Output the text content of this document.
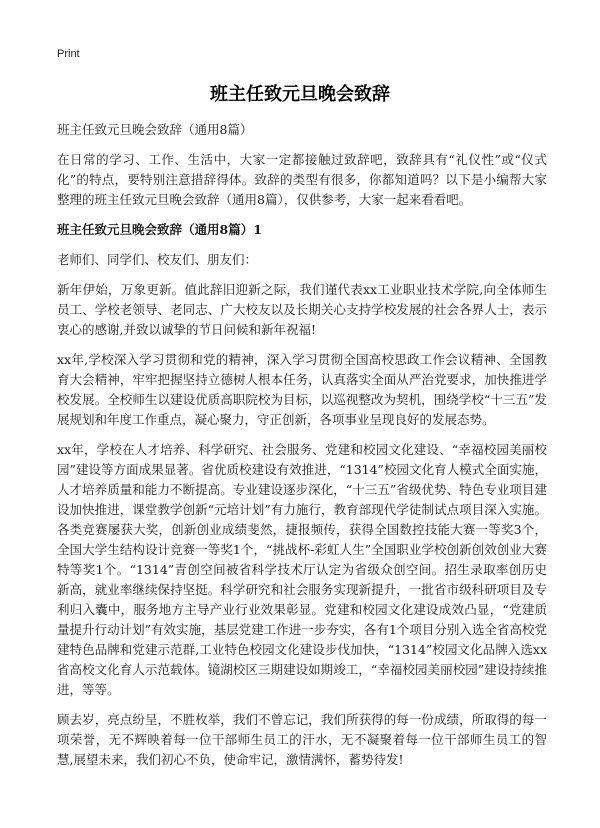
Print
班主任致元旦晚会致辞

班主任致元旦晚会致辞（通用8篇）

在日常的学习、工作、生活中，大家一定都接触过致辞吧，致辞具有“礼仪性”或“仪式化”的特点，要特别注意措辞得体。致辞的类型有很多，你都知道吗？以下是小编帮大家整理的班主任致元旦晚会致辞（通用8篇），仅供参考，大家一起来看看吧。

班主任致元旦晚会致辞（通用8篇）1

老师们、同学们、校友们、朋友们：

新年伊始，万象更新。值此辞旧迎新之际，我们谨代表xx工业职业技术学院,向全体师生员工、学校老领导、老同志、广大校友以及长期关心支持学校发展的社会各界人士，表示衷心的感谢,并致以诚挚的节日问候和新年祝福!

xx年,学校深入学习贯彻和党的精神，深入学习贯彻全国高校思政工作会议精神、全国教育大会精神，牢牢把握坚持立德树人根本任务，认真落实全面从严治党要求，加快推进学校发展。全校师生以建设优质高职院校为目标，以巡视整改为契机，围绕学校“十三五”发展规划和年度工作重点，凝心聚力，守正创新，各项事业呈现良好的发展态势。

xx年，学校在人才培养、科学研究、社会服务、党建和校园文化建设、“幸福校园美丽校园”建设等方面成果显著。省优质校建设有效推进，“1314”校园文化育人模式全面实施，人才培养质量和能力不断提高。专业建设逐步深化，“十三五”省级优势、特色专业项目建设加快推进，课堂教学创新“元培计划”有力施行，教育部现代学徒制试点项目深入实施。各类竞赛屡获大奖，创新创业成绩斐然，捷报频传，获得全国数控技能大赛一等奖3个，全国大学生结构设计竞赛一等奖1个，“挑战杯-彩虹人生”全国职业学校创新创效创业大赛特等奖1个。“1314”青创空间被省科学技术厅认定为省级众创空间。招生录取率创历史新高，就业率继续保持坚挺。科学研究和社会服务实现新提升，一批省市级科研项目及专利归入囊中，服务地方主导产业行业效果彰显。党建和校园文化建设成效凸显，“党建质量提升行动计划”有效实施，基层党建工作进一步夯实，各有1个项目分别入选全省高校党建特色品牌和党建示范群,工业特色校园文化建设步伐加快，“1314”校园文化品牌入选xx省高校文化育人示范载体。镜湖校区三期建设如期竣工，“幸福校园美丽校园”建设持续推进，等等。

顾去岁，亮点纷呈，不胜枚举，我们不曾忘记，我们所获得的每一份成绩，所取得的每一项荣誉，无不辉映着每一位干部师生员工的汗水，无不凝聚着每一位干部师生员工的智慧,展望未来，我们初心不负，使命牢记，激情满怀，蓄势待发!
